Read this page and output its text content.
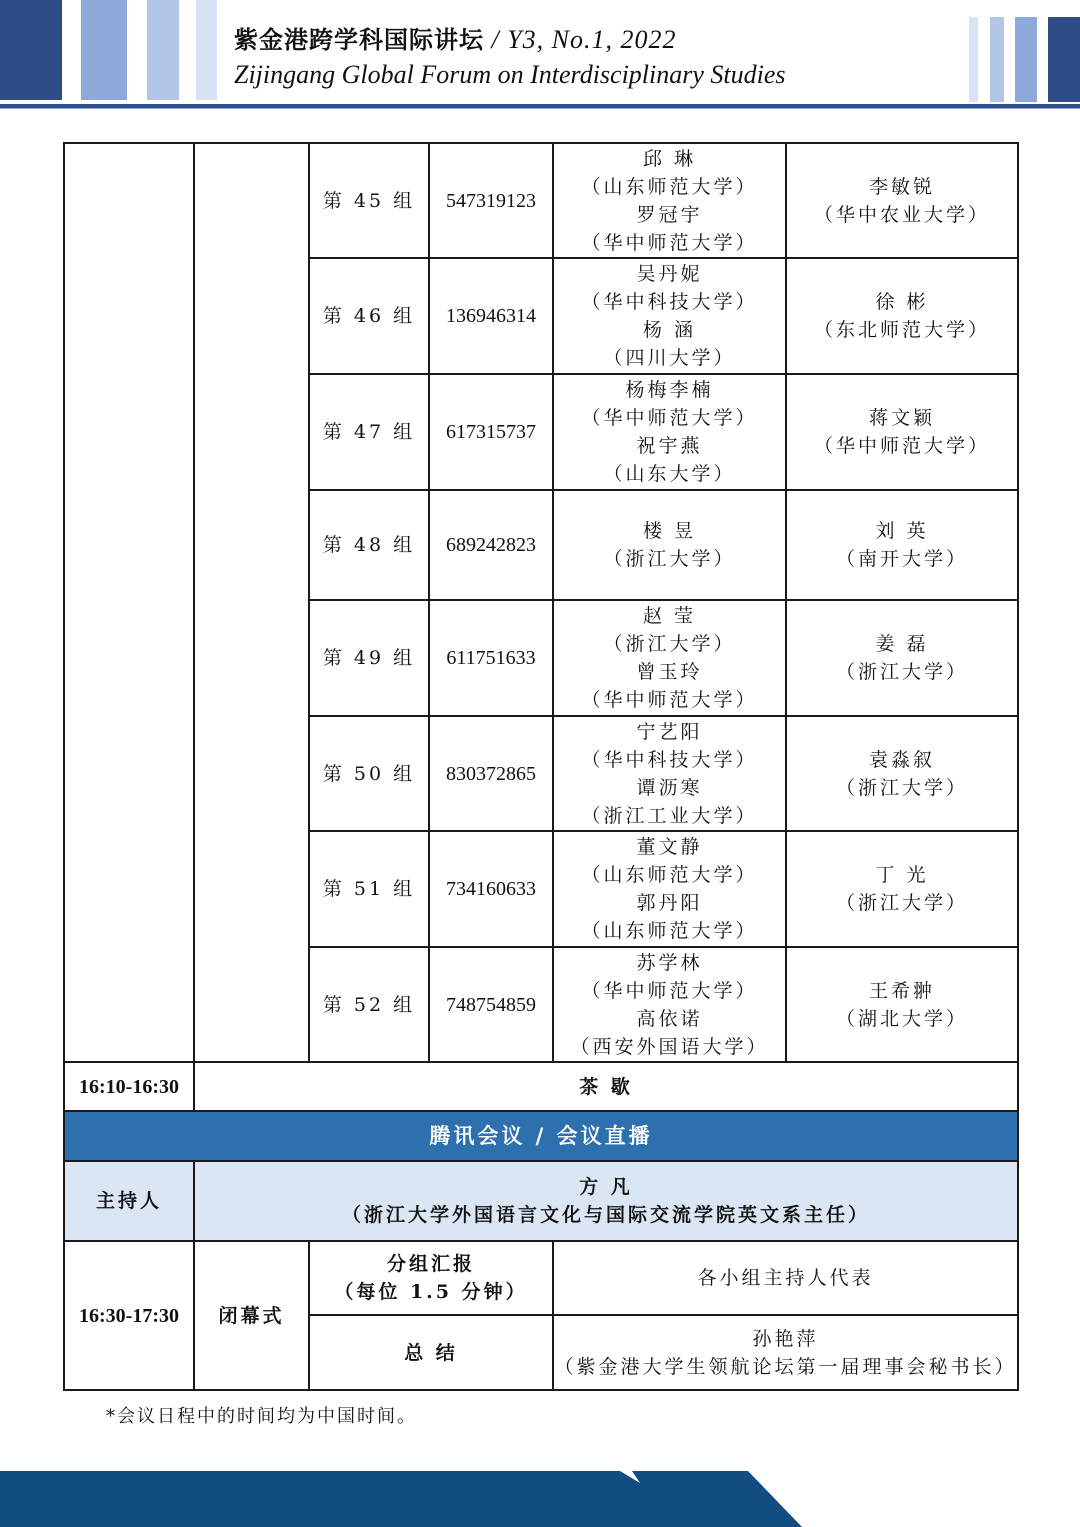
紫金港跨学科国际讲坛 / Y3, No.1, 2022
Zijingang Global Forum on Interdisciplinary Studies
		第 45 组	547319123	邱 琳
（山东师范大学）
罗冠宇
（华中师范大学）	李敏锐
（华中农业大学）

		第 46 组	136946314	吴丹妮
（华中科技大学）
杨 涵
（四川大学）	徐 彬
（东北师范大学）

		第 47 组	617315737	杨梅李楠
（华中师范大学）
祝宇燕
（山东大学）	蒋文颖
（华中师范大学）

		第 48 组	689242823	楼 昱
（浙江大学）	刘 英
（南开大学）

		第 49 组	611751633	赵 莹
（浙江大学）
曾玉玲
（华中师范大学）	姜 磊
（浙江大学）

		第 50 组	830372865	宁艺阳
（华中科技大学）
谭沥寒
（浙江工业大学）	袁淼叙
（浙江大学）

		第 51 组	734160633	董文静
（山东师范大学）
郭丹阳
（山东师范大学）	丁 光
（浙江大学）

		第 52 组	748754859	苏学林
（华中师范大学）
高依诺
（西安外国语大学）	王希翀
（湖北大学）

16:10-16:30	茶 歇				
腾讯会议 / 会议直播					
主持人	方 凡
（浙江大学外国语言文化与国际交流学院英文系主任）				

16:30-17:30	闭幕式	分组汇报
（每位 1.5 分钟）		各小组主持人代表	
		总 结		孙艳萍
（紫金港大学生领航论坛第一届理事会秘书长）	
*会议日程中的时间均为中国时间。
